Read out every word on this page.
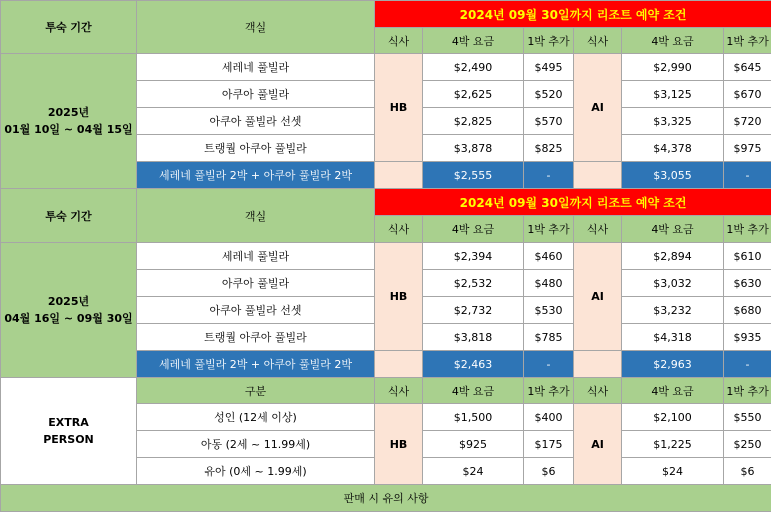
투숙 기간	객실	2024년 09월 30일까지 리조트 예약 조건					
		식사	4박 요금	1박 추가	식사	4박 요금	1박 추가

2025년
01월 10일 ~ 04월 15일	세레네 풀빌라	HB	$2,490	$495	AI	$2,990	$645
	아쿠아 풀빌라		$2,625	$520		$3,125	$670
	아쿠아 풀빌라 선셋		$2,825	$570		$3,325	$720
	트랭퀄 아쿠아 풀빌라		$3,878	$825		$4,378	$975
	세레네 풀빌라 2박 + 아쿠아 풀빌라 2박		$2,555	-		$3,055	-
투숙 기간	객실	2024년 09월 30일까지 리조트 예약 조건					
		식사	4박 요금	1박 추가	식사	4박 요금	1박 추가

2025년
04월 16일 ~ 09월 30일	세레네 풀빌라	HB	$2,394	$460	AI	$2,894	$610
	아쿠아 풀빌라		$2,532	$480		$3,032	$630
	아쿠아 풀빌라 선셋		$2,732	$530		$3,232	$680
	트랭퀄 아쿠아 풀빌라		$3,818	$785		$4,318	$935
	세레네 풀빌라 2박 + 아쿠아 풀빌라 2박		$2,463	-		$2,963	-

EXTRA
PERSON	구분	식사	4박 요금	1박 추가	식사	4박 요금	1박 추가
	성인 (12세 이상)	HB	$1,500	$400	AI	$2,100	$550
	아동 (2세 ~ 11.99세)		$925	$175		$1,225	$250
	유아 (0세 ~ 1.99세)		$24	$6		$24	$6
판매 시 유의 사항							
